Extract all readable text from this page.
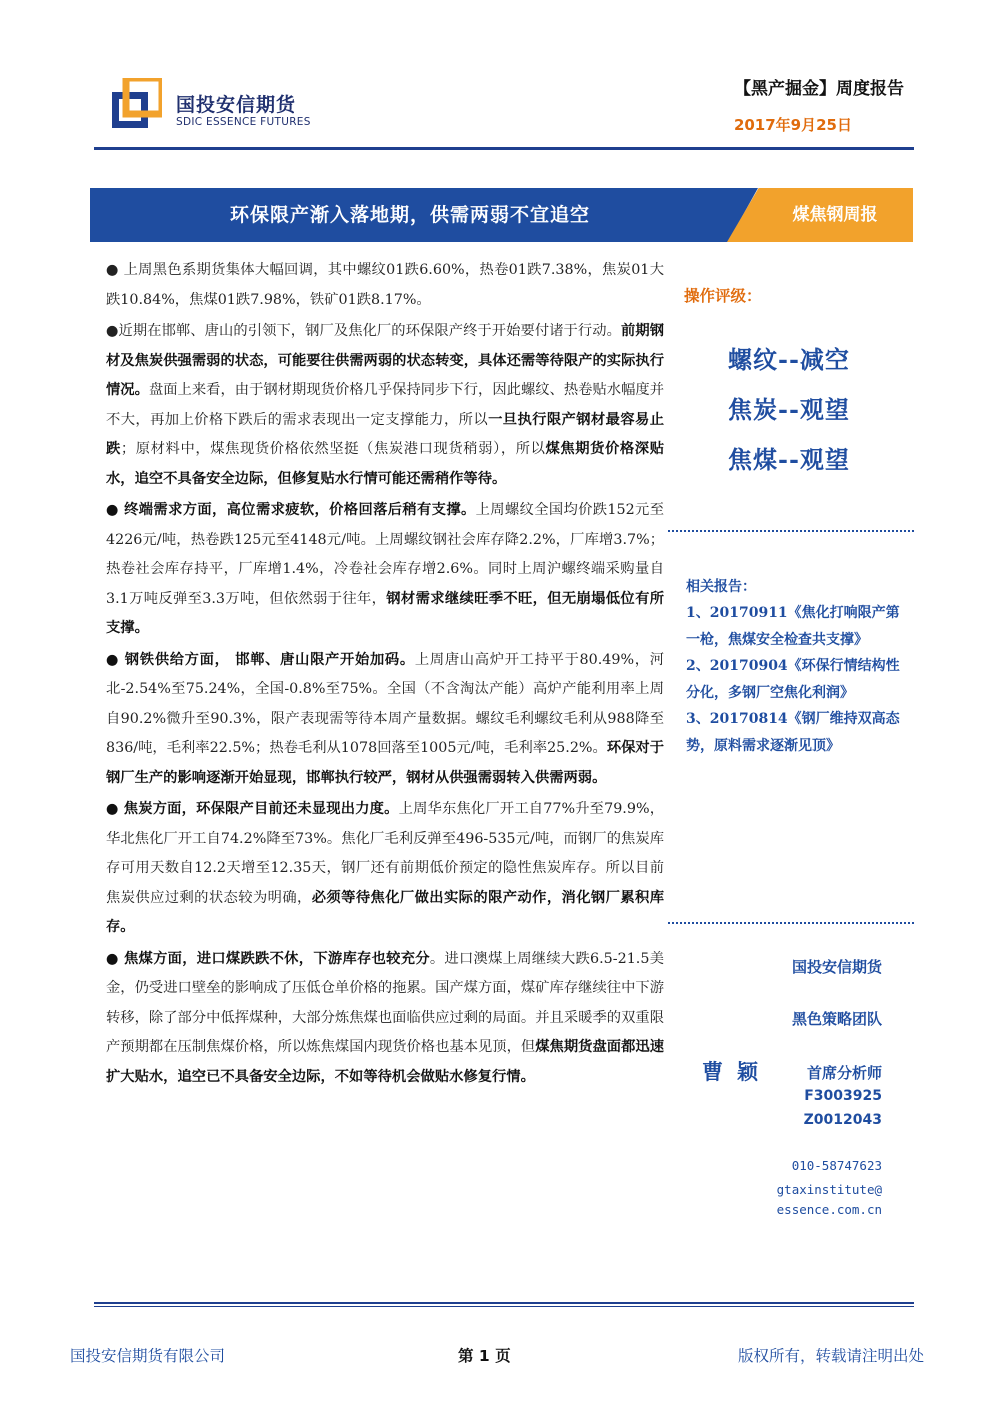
国投安信期货
SDIC ESSENCE FUTURES
【黑产掘金】周度报告
2017年9月25日
环保限产渐入落地期，供需两弱不宜追空	煤焦钢周报

● 上周黑色系期货集体大幅回调，其中螺纹01跌6.60%，热卷01跌7.38%，焦炭01大跌10.84%，焦煤01跌7.98%，铁矿01跌8.17%。

●近期在邯郸、唐山的引领下，钢厂及焦化厂的环保限产终于开始要付诸于行动。前期钢材及焦炭供强需弱的状态，可能要往供需两弱的状态转变，具体还需等待限产的实际执行情况。盘面上来看，由于钢材期现货价格几乎保持同步下行，因此螺纹、热卷贴水幅度并不大，再加上价格下跌后的需求表现出一定支撑能力，所以一旦执行限产钢材最容易止跌；原材料中，煤焦现货价格依然坚挺（焦炭港口现货稍弱），所以煤焦期货价格深贴水，追空不具备安全边际，但修复贴水行情可能还需稍作等待。

● 终端需求方面，高位需求疲软，价格回落后稍有支撑。上周螺纹全国均价跌152元至4226元/吨，热卷跌125元至4148元/吨。上周螺纹钢社会库存降2.2%，厂库增3.7%；热卷社会库存持平，厂库增1.4%，冷卷社会库存增2.6%。同时上周沪螺终端采购量自3.1万吨反弹至3.3万吨，但依然弱于往年，钢材需求继续旺季不旺，但无崩塌低位有所支撑。

● 钢铁供给方面， 邯郸、唐山限产开始加码。上周唐山高炉开工持平于80.49%，河北-2.54%至75.24%，全国-0.8%至75%。全国（不含淘汰产能）高炉产能利用率上周自90.2%微升至90.3%，限产表现需等待本周产量数据。螺纹毛利螺纹毛利从988降至836/吨，毛利率22.5%；热卷毛利从1078回落至1005元/吨，毛利率25.2%。环保对于钢厂生产的影响逐渐开始显现，邯郸执行较严，钢材从供强需弱转入供需两弱。

● 焦炭方面，环保限产目前还未显现出力度。上周华东焦化厂开工自77%升至79.9%，华北焦化厂开工自74.2%降至73%。焦化厂毛利反弹至496-535元/吨，而钢厂的焦炭库存可用天数自12.2天增至12.35天，钢厂还有前期低价预定的隐性焦炭库存。所以目前焦炭供应过剩的状态较为明确，必须等待焦化厂做出实际的限产动作，消化钢厂累积库存。

● 焦煤方面，进口煤跌跌不休，下游库存也较充分。进口澳煤上周继续大跌6.5-21.5美金，仍受进口壁垒的影响成了压低仓单价格的拖累。国产煤方面，煤矿库存继续往中下游转移，除了部分中低挥煤种，大部分炼焦煤也面临供应过剩的局面。并且采暖季的双重限产预期都在压制焦煤价格，所以炼焦煤国内现货价格也基本见顶，但煤焦期货盘面都迅速扩大贴水，追空已不具备安全边际，不如等待机会做贴水修复行情。

操作评级：
螺纹--减空
焦炭--观望
焦煤--观望
相关报告：

1、20170911《焦化打响限产第一枪，焦煤安全检查共支撑》

2、20170904《环保行情结构性分化，多钢厂空焦化利润》

3、20170814《钢厂维持双高态势，原料需求逐渐见顶》

国投安信期货
黑色策略团队
曹颖 首席分析师
F3003925
Z0012043
010-58747623
gtaxinstitute@
essence.com.cn
国投安信期货有限公司	第 1 页	版权所有，转载请注明出处
